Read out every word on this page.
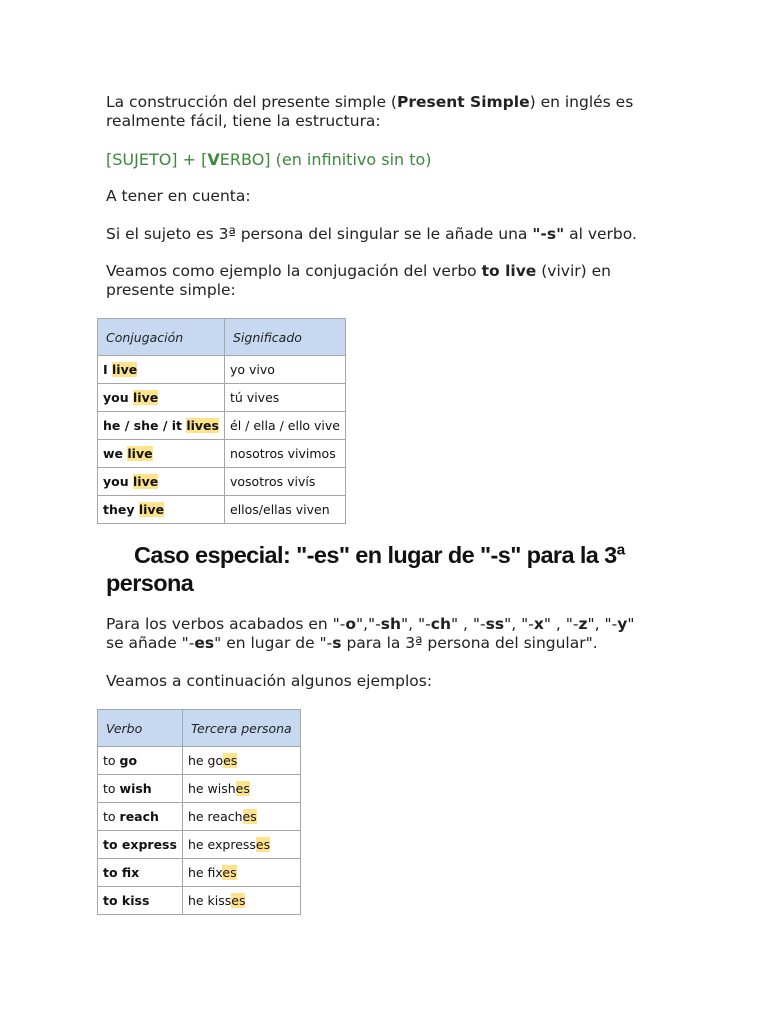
La construcción del presente simple (Present Simple) en inglés es
realmente fácil, tiene la estructura:
[SUJETO] + [VERBO] (en infinitivo sin to)
A tener en cuenta:
Si el sujeto es 3ª persona del singular se le añade una "-s" al verbo.
Veamos como ejemplo la conjugación del verbo to live (vivir) en
presente simple:
Conjugación	Significado
I live	yo vivo
you live	tú vives
he / she / it lives	él / ella / ello vive
we live	nosotros vivimos
you live	vosotros vivís
they live	ellos/ellas viven
Caso especial: "-es" en lugar de "-s" para la 3ª
persona
Para los verbos acabados en "-o","-sh", "-ch" , "-ss", "-x" , "-z", "-y"
se añade "-es" en lugar de "-s para la 3ª persona del singular".
Veamos a continuación algunos ejemplos:
Verbo	Tercera persona
to go	he goes
to wish	he wishes
to reach	he reaches
to express	he expresses
to fix	he fixes
to kiss	he kisses
